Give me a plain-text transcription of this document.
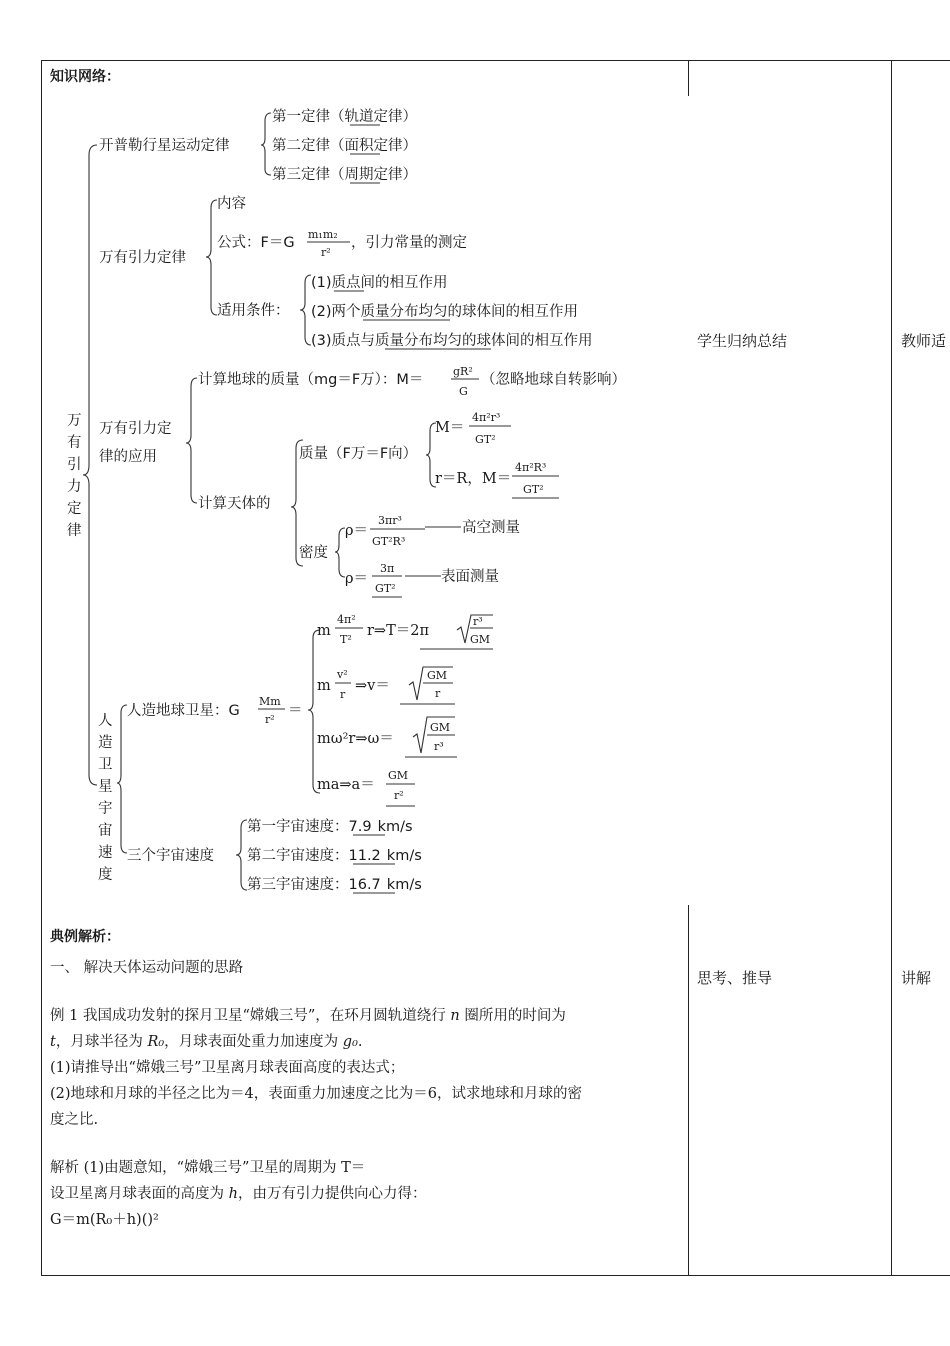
知识网络：
典例解析：
学生归纳总结	教师适
思考、推导	讲解
万
有
引
力
定
律
开普勒行星运动定律
第一定律（轨道定律）
第二定律（面积定律）
第三定律（周期定律）
万有引力定律
内容
公式：F＝G
m₁m₂
r²
，引力常量的测定
适用条件：
(1)质点间的相互作用
(2)两个质量分布均匀的球体间的相互作用
(3)质点与质量分布均匀的球体间的相互作用
万有引力定
律的应用
计算地球的质量（mg＝F万）：M＝
gR²
G
（忽略地球自转影响）
计算天体的
质量（F万＝F向）
M＝
4π²r³
GT²
r＝R，M＝
4π²R³
GT²
密度
ρ＝
3πr³
GT²R³
高空测量
ρ＝
3π
GT²
表面测量
人
造
卫
星
宇
宙
速
度
人造地球卫星：G
Mm
r²
＝
m
4π²
T²
r⇒T＝2π
r³
GM
m
v²
r
⇒v＝
GM
r
mω²r⇒ω＝
GM
r³
ma⇒a＝
GM
r²
三个宇宙速度
第一宇宙速度：7.9 km/s
第二宇宙速度：11.2 km/s
第三宇宙速度：16.7 km/s

一、 解决天体运动问题的思路

例 1 我国成功发射的探月卫星“嫦娥三号”，在环月圆轨道绕行 n 圈所用的时间为

t，月球半径为 R₀，月球表面处重力加速度为 g₀.

(1)请推导出“嫦娥三号”卫星离月球表面高度的表达式；

(2)地球和月球的半径之比为＝4，表面重力加速度之比为＝6，试求地球和月球的密

度之比.

解析 (1)由题意知，“嫦娥三号”卫星的周期为 T＝

设卫星离月球表面的高度为 h，由万有引力提供向心力得：

G＝m(R₀＋h)()²
